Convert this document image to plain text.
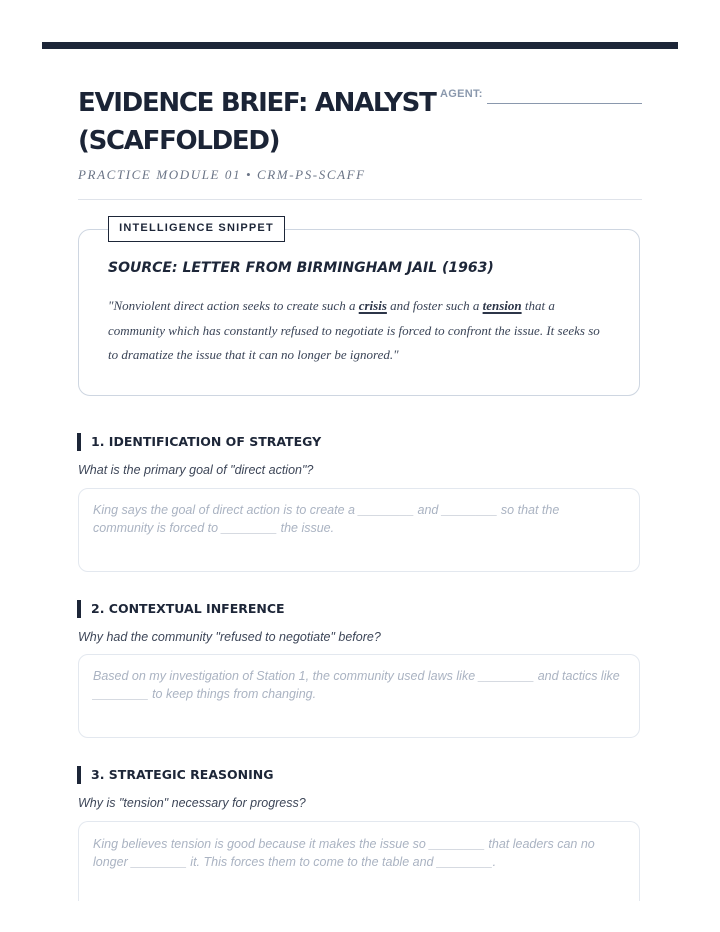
EVIDENCE BRIEF: ANALYST
(SCAFFOLDED)
AGENT:
PRACTICE MODULE 01 • CRM-PS-SCAFF
INTELLIGENCE SNIPPET
SOURCE: LETTER FROM BIRMINGHAM JAIL (1963)
"Nonviolent direct action seeks to create such a crisis and foster such a tension that a community which has constantly refused to negotiate is forced to confront the issue. It seeks so to dramatize the issue that it can no longer be ignored."
1. IDENTIFICATION OF STRATEGY
What is the primary goal of "direct action"?
King says the goal of direct action is to create a ________ and ________ so that the community is forced to ________ the issue.
2. CONTEXTUAL INFERENCE
Why had the community "refused to negotiate" before?
Based on my investigation of Station 1, the community used laws like ________ and tactics like ________ to keep things from changing.
3. STRATEGIC REASONING
Why is "tension" necessary for progress?
King believes tension is good because it makes the issue so ________ that leaders can no longer ________ it. This forces them to come to the table and ________.
